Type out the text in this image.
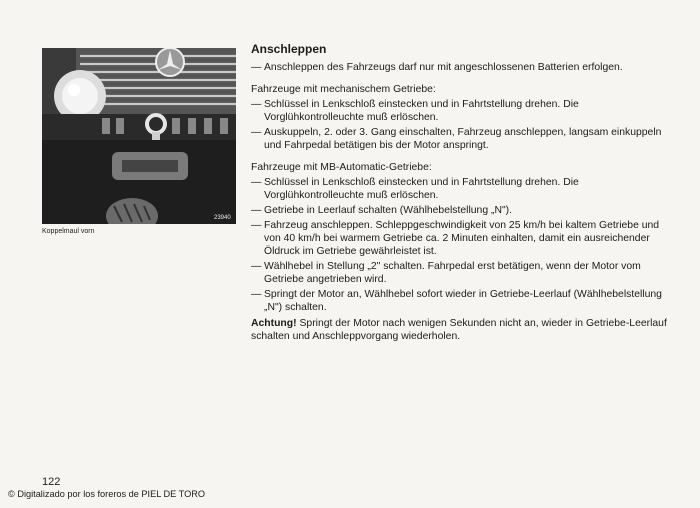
23940
Koppelmaul vorn
Anschleppen
— Anschleppen des Fahrzeugs darf nur mit angeschlossenen Batterien erfolgen.
Fahrzeuge mit mechanischem Getriebe:
— Schlüssel in Lenkschloß einstecken und in Fahrtstellung drehen. Die Vorglühkontrolleuchte muß erlöschen.
— Auskuppeln, 2. oder 3. Gang einschalten, Fahrzeug anschleppen, langsam einkuppeln und Fahrpedal betätigen bis der Motor anspringt.
Fahrzeuge mit MB-Automatic-Getriebe:
— Schlüssel in Lenkschloß einstecken und in Fahrtstellung drehen. Die Vorglühkontrolleuchte muß erlöschen.
— Getriebe in Leerlauf schalten (Wählhebelstellung „N").
— Fahrzeug anschleppen. Schleppgeschwindigkeit von 25 km/h bei kaltem Getriebe und von 40 km/h bei warmem Getriebe ca. 2 Minuten einhalten, damit ein ausreichender Öldruck im Getriebe gewährleistet ist.
— Wählhebel in Stellung „2" schalten. Fahrpedal erst betätigen, wenn der Motor vom Getriebe angetrieben wird.
— Springt der Motor an, Wählhebel sofort wieder in Getriebe-Leerlauf (Wählhebelstellung „N") schalten.
Achtung! Springt der Motor nach wenigen Sekunden nicht an, wieder in Getriebe-Leerlauf schalten und Anschleppvorgang wiederholen.
122
© Digitalizado por los foreros de PIEL DE TORO
